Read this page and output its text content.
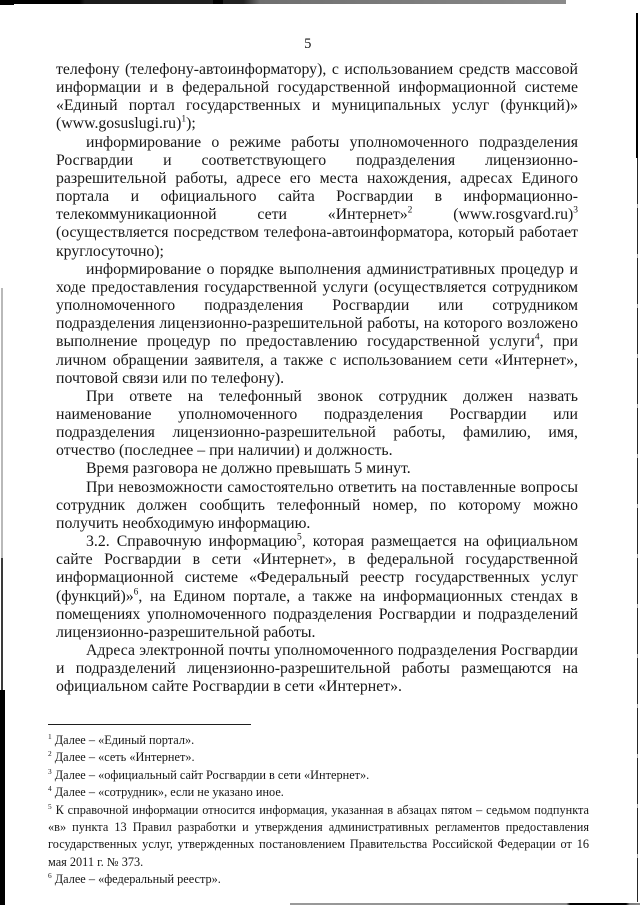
5

телефону (телефону-автоинформатору), с использованием средств массовой информации и в федеральной государственной информационной системе «Единый портал государственных и муниципальных услуг (функций)» (www.gosuslugi.ru)$^1$);

информирование о режиме работы уполномоченного подразделения Росгвардии и соответствующего подразделения лицензионно-разрешительной работы, адресе его места нахождения, адресах Единого портала и официального сайта Росгвардии в информационно-телекоммуникационной сети «Интернет»$^2$ (www.rosgvard.ru)$^3$ (осуществляется посредством телефона-автоинформатора, который работает круглосуточно);

информирование о порядке выполнения административных процедур и ходе предоставления государственной услуги (осуществляется сотрудником уполномоченного подразделения Росгвардии или сотрудником подразделения лицензионно-разрешительной работы, на которого возложено выполнение процедур по предоставлению государственной услуги$^4$, при личном обращении заявителя, а также с использованием сети «Интернет», почтовой связи или по телефону).

При ответе на телефонный звонок сотрудник должен назвать наименование уполномоченного подразделения Росгвардии или подразделения лицензионно-разрешительной работы, фамилию, имя, отчество (последнее – при наличии) и должность.

Время разговора не должно превышать 5 минут.

При невозможности самостоятельно ответить на поставленные вопросы сотрудник должен сообщить телефонный номер, по которому можно получить необходимую информацию.

3.2. Справочную информацию$^5$, которая размещается на официальном сайте Росгвардии в сети «Интернет», в федеральной государственной информационной системе «Федеральный реестр государственных услуг (функций)»$^6$, на Едином портале, а также на информационных стендах в помещениях уполномоченного подразделения Росгвардии и подразделений лицензионно-разрешительной работы.

Адреса электронной почты уполномоченного подразделения Росгвардии и подразделений лицензионно-разрешительной работы размещаются на официальном сайте Росгвардии в сети «Интернет».

$^1$ Далее – «Единый портал».

$^2$ Далее – «сеть «Интернет».

$^3$ Далее – «официальный сайт Росгвардии в сети «Интернет».

$^4$ Далее – «сотрудник», если не указано иное.

$^5$ К справочной информации относится информация, указанная в абзацах пятом – седьмом подпункта «в» пункта 13 Правил разработки и утверждения административных регламентов предоставления государственных услуг, утвержденных постановлением Правительства Российской Федерации от 16 мая 2011 г. № 373.

$^6$ Далее – «федеральный реестр».
